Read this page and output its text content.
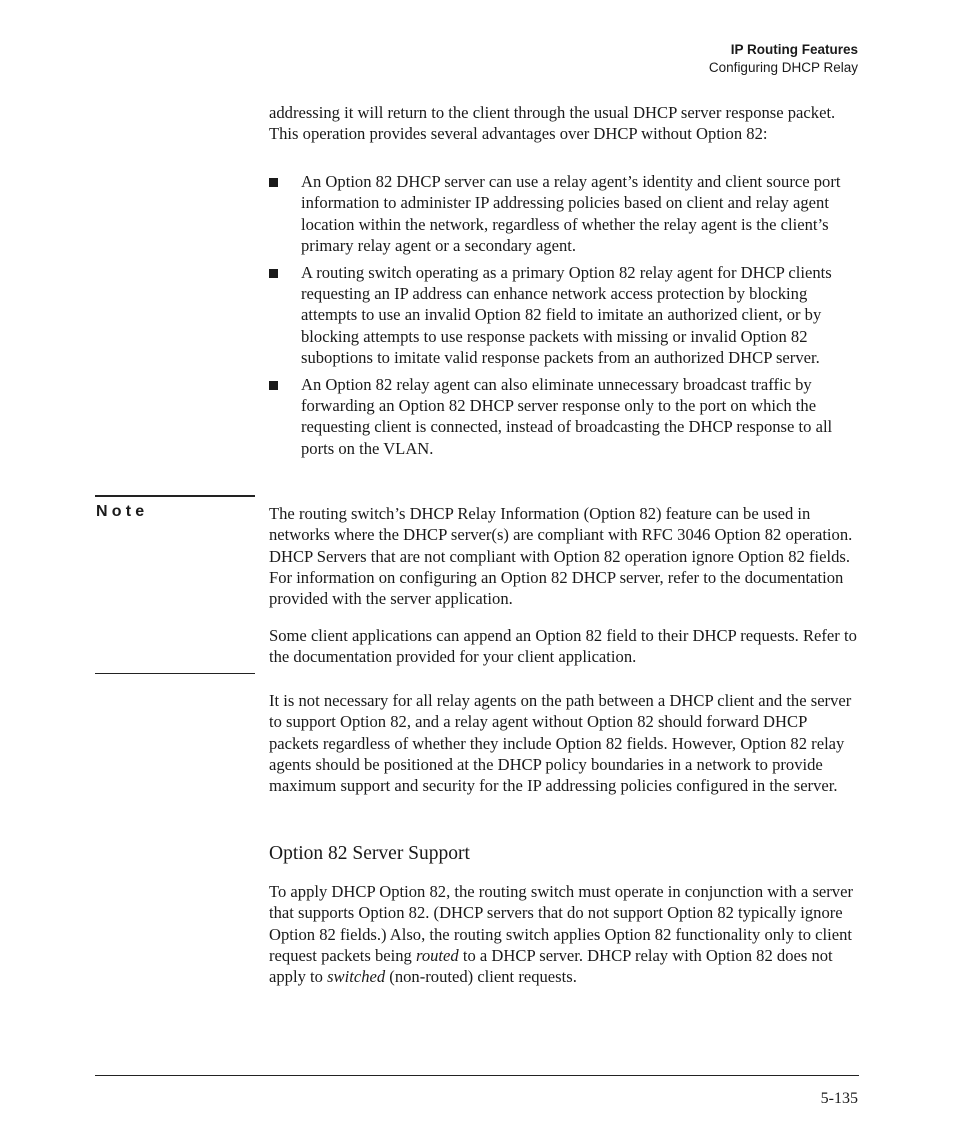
IP Routing Features
Configuring DHCP Relay

addressing it will return to the client through the usual DHCP server response packet. This operation provides several advantages over DHCP without Option 82:

An Option 82 DHCP server can use a relay agent’s identity and client source port information to administer IP addressing policies based on client and relay agent location within the network, regardless of whether the relay agent is the client’s primary relay agent or a secondary agent.
A routing switch operating as a primary Option 82 relay agent for DHCP clients requesting an IP address can enhance network access protection by blocking attempts to use an invalid Option 82 field to imitate an authorized client, or by blocking attempts to use response packets with missing or invalid Option 82 suboptions to imitate valid response packets from an authorized DHCP server.
An Option 82 relay agent can also eliminate unnecessary broadcast traffic by forwarding an Option 82 DHCP server response only to the port on which the requesting client is connected, instead of broadcasting the DHCP response to all ports on the VLAN.
Note	The routing switch’s DHCP Relay Information (Option 82) feature can be used in networks where the DHCP server(s) are compliant with RFC 3046 Option 82 operation. DHCP Servers that are not compliant with Option 82 operation ignore Option 82 fields. For information on configuring an Option 82 DHCP server, refer to the documentation provided with the server application.

Some client applications can append an Option 82 field to their DHCP requests. Refer to the documentation provided for your client application.

It is not necessary for all relay agents on the path between a DHCP client and the server to support Option 82, and a relay agent without Option 82 should forward DHCP packets regardless of whether they include Option 82 fields. However, Option 82 relay agents should be positioned at the DHCP policy boundaries in a network to provide maximum support and security for the IP addressing policies configured in the server.

Option 82 Server Support

To apply DHCP Option 82, the routing switch must operate in conjunction with a server that supports Option 82. (DHCP servers that do not support Option 82 typically ignore Option 82 fields.) Also, the routing switch applies Option 82 functionality only to client request packets being routed to a DHCP server. DHCP relay with Option 82 does not apply to switched (non-routed) client requests.

5-135
